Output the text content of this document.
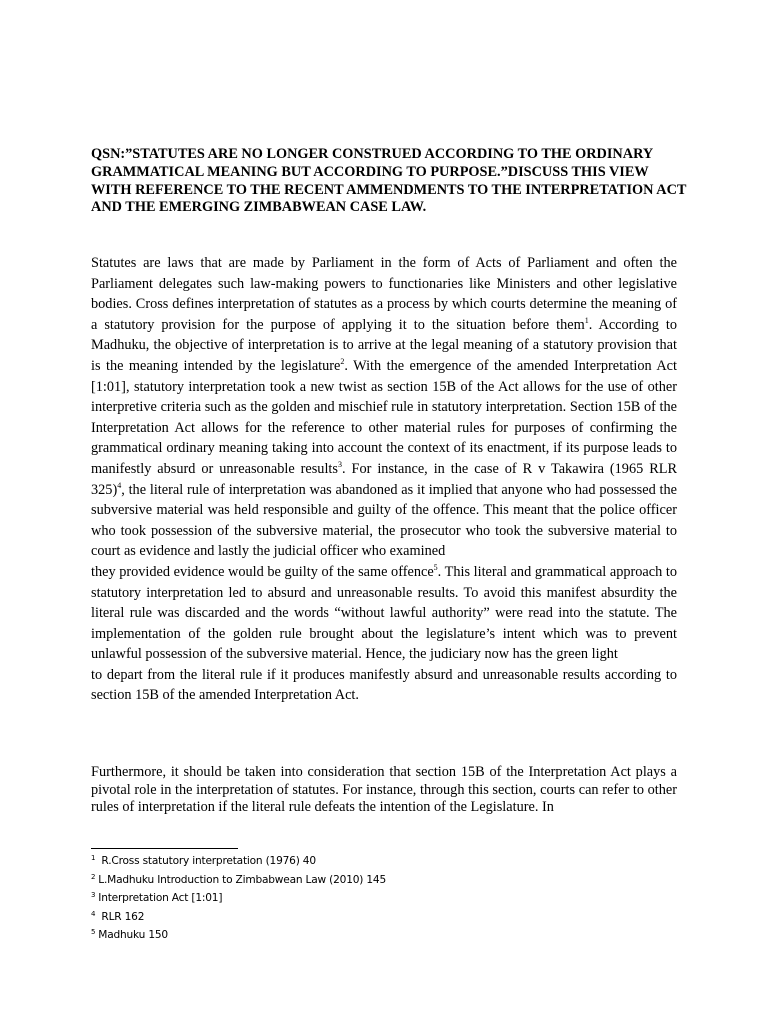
QSN:”STATUTES ARE NO LONGER CONSTRUED ACCORDING TO THE ORDINARY GRAMMATICAL MEANING BUT ACCORDING TO PURPOSE.”DISCUSS THIS VIEW WITH REFERENCE TO THE RECENT AMMENDMENTS TO THE INTERPRETATION ACT AND THE EMERGING ZIMBABWEAN CASE LAW.

Statutes are laws that are made by Parliament in the form of Acts of Parliament and often the Parliament delegates such law-making powers to functionaries like Ministers and other legislative bodies. Cross defines interpretation of statutes as a process by which courts determine the meaning of a statutory provision for the purpose of applying it to the situation before them$^1$. According to Madhuku, the objective of interpretation is to arrive at the legal meaning of a statutory provision that is the meaning intended by the legislature$^2$. With the emergence of the amended Interpretation Act [1:01], statutory interpretation took a new twist as section 15B of the Act allows for the use of other interpretive criteria such as the golden and mischief rule in statutory interpretation. Section 15B of the Interpretation Act allows for the reference to other material rules for purposes of confirming the grammatical ordinary meaning taking into account the context of its enactment, if its purpose leads to manifestly absurd or unreasonable results$^3$. For instance, in the case of R v Takawira (1965 RLR 325)$^4$, the literal rule of interpretation was abandoned as it implied that anyone who had possessed the subversive material was held responsible and guilty of the offence. This meant that the police officer who took possession of the subversive material, the prosecutor who took the subversive material to court as evidence and lastly the judicial officer who examined
they provided evidence would be guilty of the same offence$^5$. This literal and grammatical approach to statutory interpretation led to absurd and unreasonable results. To avoid this manifest absurdity the literal rule was discarded and the words “without lawful authority” were read into the statute. The implementation of the golden rule brought about the legislature’s intent which was to prevent unlawful possession of the subversive material. Hence, the judiciary now has the green light
to depart from the literal rule if it produces manifestly absurd and unreasonable results according to section 15B of the amended Interpretation Act.

Furthermore, it should be taken into consideration that section 15B of the Interpretation Act plays a pivotal role in the interpretation of statutes. For instance, through this section, courts can refer to other rules of interpretation if the literal rule defeats the intention of the Legislature. In

$^1$ R.Cross statutory interpretation (1976) 40
$^2$ L.Madhuku Introduction to Zimbabwean Law (2010) 145
$^3$ Interpretation Act [1:01]
$^4$ RLR 162
$^5$ Madhuku 150
